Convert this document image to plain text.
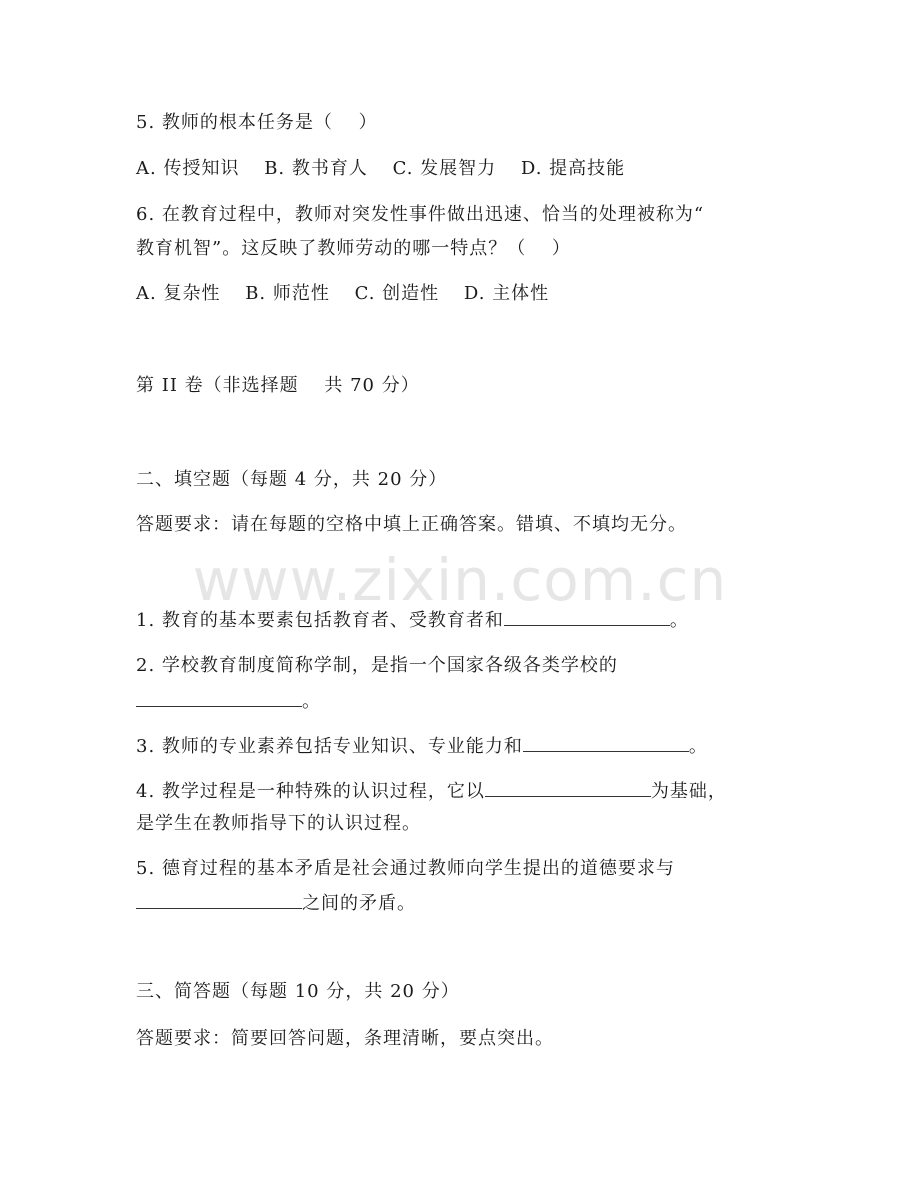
www.zixin.com.cn
5. 教师的根本任务是（　 ）
A. 传授知识 B. 教书育人 C. 发展智力 D. 提高技能
6. 在教育过程中，教师对突发性事件做出迅速、恰当的处理被称为“
教育机智”。这反映了教师劳动的哪一特点？（　 ）
A. 复杂性 B. 师范性 C. 创造性 D. 主体性
第 II 卷（非选择题　 共 70 分）
二、填空题（每题 4 分，共 20 分）
答题要求：请在每题的空格中填上正确答案。错填、不填均无分。
1. 教育的基本要素包括教育者、受教育者和	。
2. 学校教育制度简称学制，是指一个国家各级各类学校的
。
3. 教师的专业素养包括专业知识、专业能力和	。
4. 教学过程是一种特殊的认识过程，它以	为基础，
是学生在教师指导下的认识过程。
5. 德育过程的基本矛盾是社会通过教师向学生提出的道德要求与
之间的矛盾。
三、简答题（每题 10 分，共 20 分）
答题要求：简要回答问题，条理清晰，要点突出。
